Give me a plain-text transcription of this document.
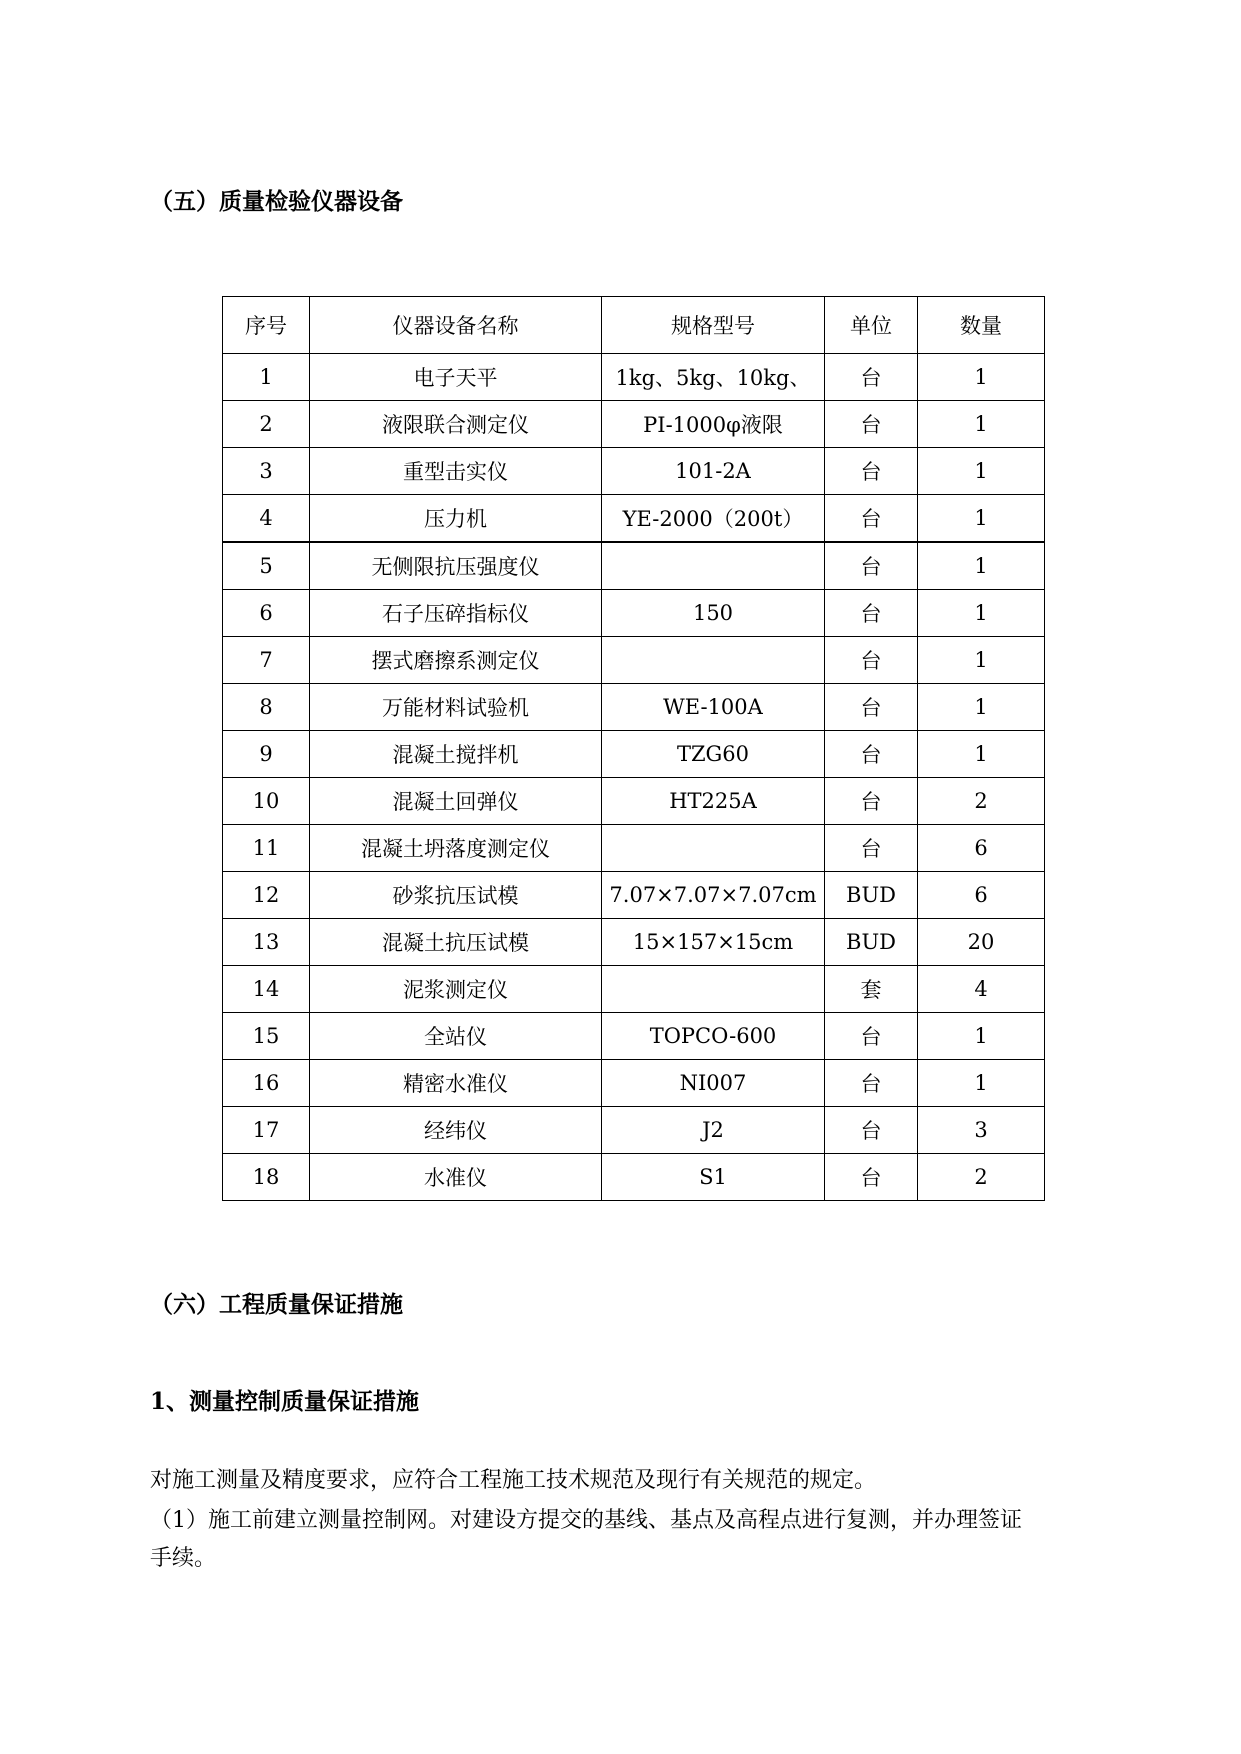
（五）质量检验仪器设备
序号	仪器设备名称	规格型号	单位	数量
1	电子天平	1kg、5kg、10kg、	台	1
2	液限联合测定仪	PI-1000φ液限	台	1
3	重型击实仪	101-2A	台	1
4	压力机	YE-2000（200t）	台	1
5	无侧限抗压强度仪		台	1
6	石子压碎指标仪	150	台	1
7	摆式磨擦系测定仪		台	1
8	万能材料试验机	WE-100A	台	1
9	混凝土搅拌机	TZG60	台	1
10	混凝土回弹仪	HT225A	台	2
11	混凝土坍落度测定仪		台	6
12	砂浆抗压试模	7.07×7.07×7.07cm	BUD	6
13	混凝土抗压试模	15×157×15cm	BUD	20
14	泥浆测定仪		套	4
15	全站仪	TOPCO-600	台	1
16	精密水准仪	NI007	台	1
17	经纬仪	J2	台	3
18	水准仪	S1	台	2
（六）工程质量保证措施
1、测量控制质量保证措施
对施工测量及精度要求，应符合工程施工技术规范及现行有关规范的规定。
（1）施工前建立测量控制网。对建设方提交的基线、基点及高程点进行复测，并办理签证
手续。
